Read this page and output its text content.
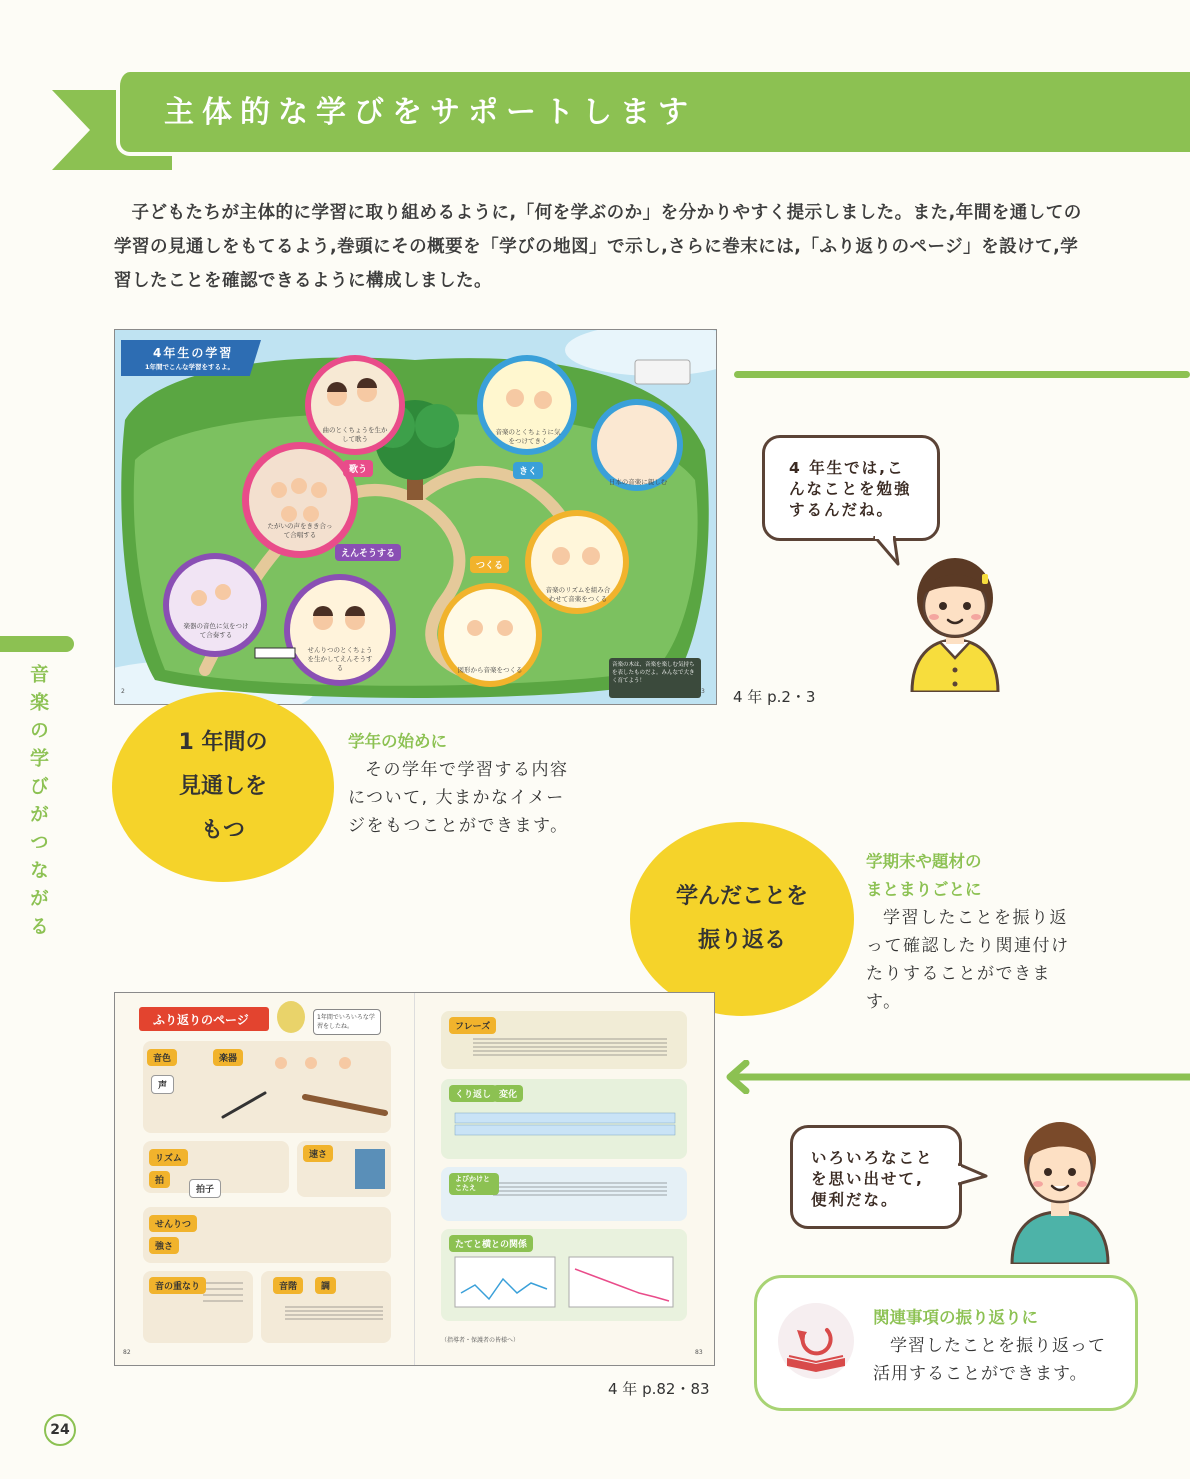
主体的な学びをサポートします
子どもたちが主体的に学習に取り組めるように,「何を学ぶのか」を分かりやすく提示しました。また,年間を通しての学習の見通しをもてるよう,巻頭にその概要を「学びの地図」で示し,さらに巻末には,「ふり返りのページ」を設けて,学習したことを確認できるように構成しました。
音楽の学びがつながる
4年生の学習
1年間でこんな学習をするよ。
歌う	きく
えんそうする
つくる
曲のとくちょうを生かして歌う
音楽のとくちょうに気をつけてきく
日本の音楽に親しむ
たがいの声をきき合って合唱する
楽器の音色に気をつけて合奏する
せんりつのとくちょうを生かしてえんそうする
音楽のリズムを組み合わせて音楽をつくる
図形から音楽をつくる
音楽の木は、音楽を楽しむ気持ちを表したものだよ。みんなで大きく育てよう！
2	3 4 年 p.2・3
4 年生では,こんなことを勉強するんだね。
1 年間の
見通しを
もつ
学年の始めに
その学年で学習する内容について, 大まかなイメージをもつことができます。
学んだことを
振り返る
学期末や題材の
まとまりごとに
学習したことを振り返って確認したり関連付けたりすることができます。
ふり返りのページ	1年間でいろいろな学習をしたね。
音色	楽器
声
リズム
拍
拍子
速さ
せんりつ
強さ
音の重なり	音階	調
フレーズ
くり返し 変化
よびかけとこたえ
たてと横との関係
（指導者・保護者の皆様へ）
82	83
4 年 p.82・83
いろいろなことを思い出せて,便利だな。
関連事項の振り返りに
学習したことを振り返って活用することができます。
24
